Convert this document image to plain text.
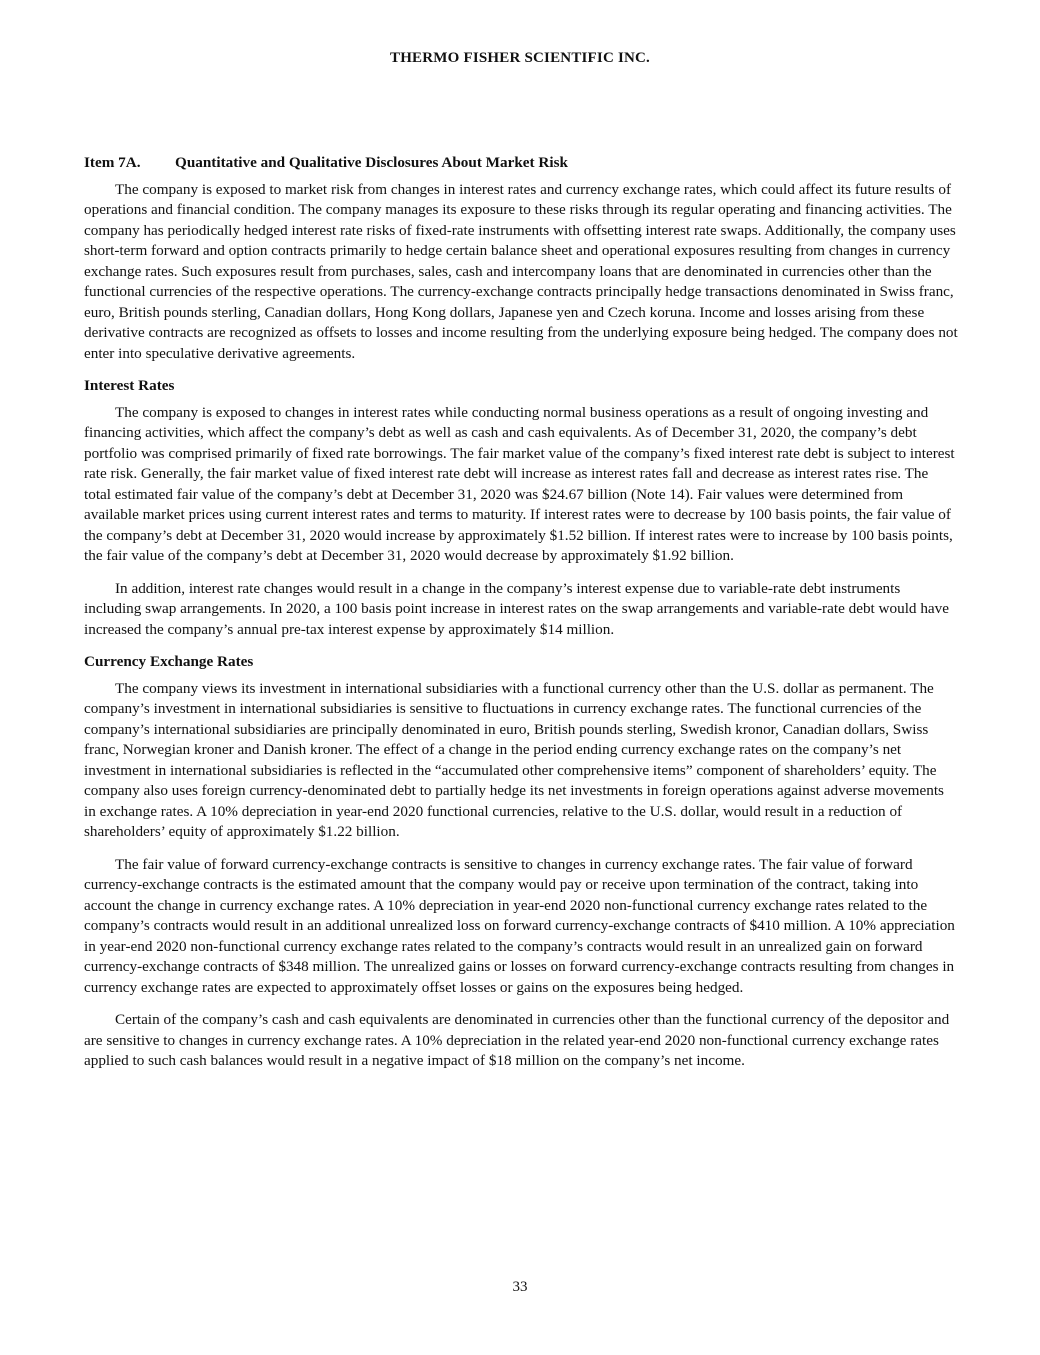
THERMO FISHER SCIENTIFIC INC.
Item 7A. Quantitative and Qualitative Disclosures About Market Risk

The company is exposed to market risk from changes in interest rates and currency exchange rates, which could affect its future results of operations and financial condition. The company manages its exposure to these risks through its regular operating and financing activities. The company has periodically hedged interest rate risks of fixed-rate instruments with offsetting interest rate swaps. Additionally, the company uses short-term forward and option contracts primarily to hedge certain balance sheet and operational exposures resulting from changes in currency exchange rates. Such exposures result from purchases, sales, cash and intercompany loans that are denominated in currencies other than the functional currencies of the respective operations. The currency-exchange contracts principally hedge transactions denominated in Swiss franc, euro, British pounds sterling, Canadian dollars, Hong Kong dollars, Japanese yen and Czech koruna. Income and losses arising from these derivative contracts are recognized as offsets to losses and income resulting from the underlying exposure being hedged. The company does not enter into speculative derivative agreements.

Interest Rates

The company is exposed to changes in interest rates while conducting normal business operations as a result of ongoing investing and financing activities, which affect the company’s debt as well as cash and cash equivalents. As of December 31, 2020, the company’s debt portfolio was comprised primarily of fixed rate borrowings. The fair market value of the company’s fixed interest rate debt is subject to interest rate risk. Generally, the fair market value of fixed interest rate debt will increase as interest rates fall and decrease as interest rates rise. The total estimated fair value of the company’s debt at December 31, 2020 was $24.67 billion (Note 14). Fair values were determined from available market prices using current interest rates and terms to maturity. If interest rates were to decrease by 100 basis points, the fair value of the company’s debt at December 31, 2020 would increase by approximately $1.52 billion. If interest rates were to increase by 100 basis points, the fair value of the company’s debt at December 31, 2020 would decrease by approximately $1.92 billion.

In addition, interest rate changes would result in a change in the company’s interest expense due to variable-rate debt instruments including swap arrangements. In 2020, a 100 basis point increase in interest rates on the swap arrangements and variable-rate debt would have increased the company’s annual pre-tax interest expense by approximately $14 million.

Currency Exchange Rates

The company views its investment in international subsidiaries with a functional currency other than the U.S. dollar as permanent. The company’s investment in international subsidiaries is sensitive to fluctuations in currency exchange rates. The functional currencies of the company’s international subsidiaries are principally denominated in euro, British pounds sterling, Swedish kronor, Canadian dollars, Swiss franc, Norwegian kroner and Danish kroner. The effect of a change in the period ending currency exchange rates on the company’s net investment in international subsidiaries is reflected in the “accumulated other comprehensive items” component of shareholders’ equity. The company also uses foreign currency-denominated debt to partially hedge its net investments in foreign operations against adverse movements in exchange rates. A 10% depreciation in year-end 2020 functional currencies, relative to the U.S. dollar, would result in a reduction of shareholders’ equity of approximately $1.22 billion.

The fair value of forward currency-exchange contracts is sensitive to changes in currency exchange rates. The fair value of forward currency-exchange contracts is the estimated amount that the company would pay or receive upon termination of the contract, taking into account the change in currency exchange rates. A 10% depreciation in year-end 2020 non-functional currency exchange rates related to the company’s contracts would result in an additional unrealized loss on forward currency-exchange contracts of $410 million. A 10% appreciation in year-end 2020 non-functional currency exchange rates related to the company’s contracts would result in an unrealized gain on forward currency-exchange contracts of $348 million. The unrealized gains or losses on forward currency-exchange contracts resulting from changes in currency exchange rates are expected to approximately offset losses or gains on the exposures being hedged.

Certain of the company’s cash and cash equivalents are denominated in currencies other than the functional currency of the depositor and are sensitive to changes in currency exchange rates. A 10% depreciation in the related year-end 2020 non-functional currency exchange rates applied to such cash balances would result in a negative impact of $18 million on the company’s net income.

33
